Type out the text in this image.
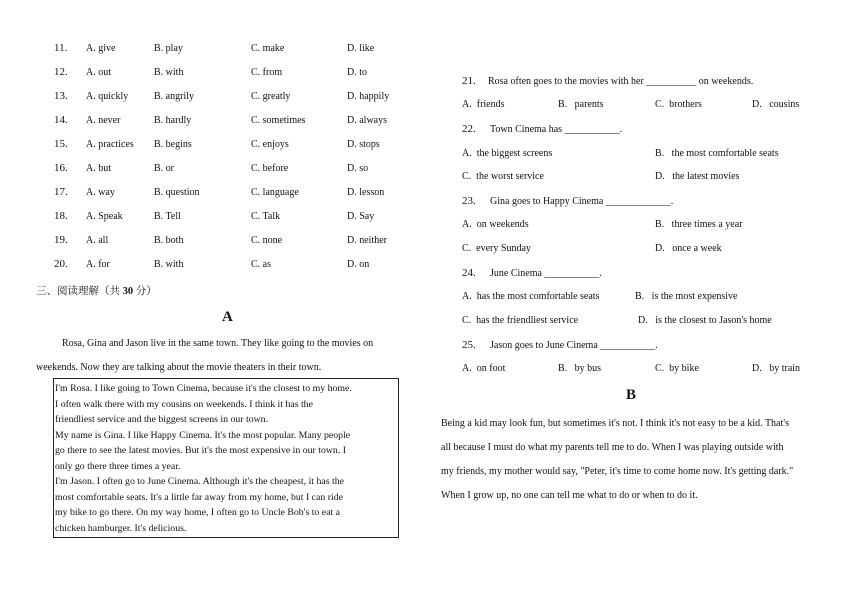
11. A. give	B. play	C. make	D. like
12. A. out	B. with	C. from	D. to
13. A. quickly	B. angrily	C. greatly	D. happily
14. A. never	B. hardly	C. sometimes	D. always
15. A. practices B. begins	C. enjoys	D. stops
16. A. but	B. or	C. before	D. so
17. A. way	B. question	C. language	D. lesson
18. A. Speak	B. Tell	C. Talk	D. Say
19. A. all	B. both	C. none	D. neither
20. A. for	B. with	C. as	D. on
三、阅读理解（共 30 分）
A
Rosa, Gina and Jason live in the same town. They like going to the movies on
weekends. Now they are talking about the movie theaters in their town.
I'm Rosa. I like going to Town Cinema, because it's the closest to my home.
I often walk there with my cousins on weekends. I think it has the
friendliest service and the biggest screens in our town.
My name is Gina. I like Happy Cinema. It's the most popular. Many people
go there to see the latest movies. But it's the most expensive in our town. I
only go there three times a year.
I'm Jason. I often go to June Cinema. Although it's the cheapest, it has the
most comfortable seats. It's a little far away from my home, but I can ride
my bike to go there. On my way home, I often go to Uncle Bob's to eat a
chicken hamburger. It's delicious.
21. Rosa often goes to the movies with her __________ on weekends.
A. friends	B. parents	C. brothers	D. cousins
22. Town Cinema has ___________.
A. the biggest screens	B. the most comfortable seats
C. the worst service	D. the latest movies
23. Gina goes to Happy Cinema _____________.
A. on weekends	B. three times a year
C. every Sunday	D. once a week
24. June Cinema ___________.
A. has the most comfortable seats	B. is the most expensive
C. has the friendliest service	D. is the closest to Jason's home
25. Jason goes to June Cinema ___________.
A. on foot	B. by bus	C. by bike	D. by train
B
Being a kid may look fun, but sometimes it's not. I think it's not easy to be a kid. That's
all because I must do what my parents tell me to do. When I was playing outside with
my friends, my mother would say, "Peter, it's time to come home now. It's getting dark."
When I grow up, no one can tell me what to do or when to do it.
